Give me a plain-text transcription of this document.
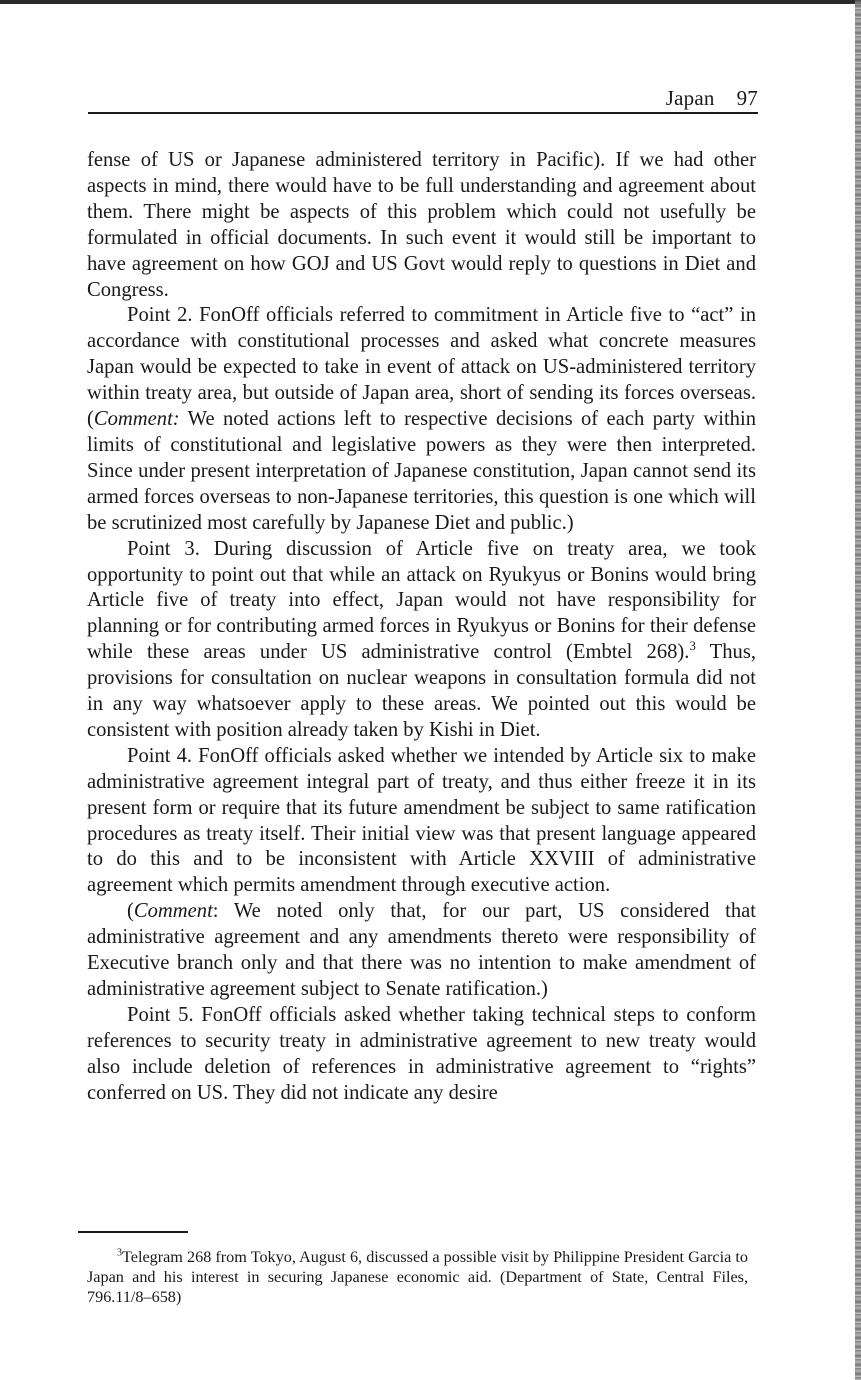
Japan 97

fense of US or Japanese administered territory in Pacific). If we had other aspects in mind, there would have to be full understanding and agreement about them. There might be aspects of this problem which could not usefully be formulated in official documents. In such event it would still be important to have agreement on how GOJ and US Govt would reply to questions in Diet and Congress.

Point 2. FonOff officials referred to commitment in Article five to “act” in accordance with constitutional processes and asked what concrete measures Japan would be expected to take in event of attack on US-administered territory within treaty area, but outside of Japan area, short of sending its forces overseas. (Comment: We noted actions left to respective decisions of each party within limits of constitutional and legislative powers as they were then interpreted. Since under present interpretation of Japanese constitution, Japan cannot send its armed forces overseas to non-Japanese territories, this question is one which will be scrutinized most carefully by Japanese Diet and public.)

Point 3. During discussion of Article five on treaty area, we took opportunity to point out that while an attack on Ryukyus or Bonins would bring Article five of treaty into effect, Japan would not have responsibility for planning or for contributing armed forces in Ryukyus or Bonins for their defense while these areas under US administrative control (Embtel 268).$^3$ Thus, provisions for consultation on nuclear weapons in consultation formula did not in any way whatsoever apply to these areas. We pointed out this would be consistent with position already taken by Kishi in Diet.

Point 4. FonOff officials asked whether we intended by Article six to make administrative agreement integral part of treaty, and thus either freeze it in its present form or require that its future amendment be subject to same ratification procedures as treaty itself. Their initial view was that present language appeared to do this and to be inconsistent with Article XXVIII of administrative agreement which permits amendment through executive action.

(Comment: We noted only that, for our part, US considered that administrative agreement and any amendments thereto were responsibility of Executive branch only and that there was no intention to make amendment of administrative agreement subject to Senate ratification.)

Point 5. FonOff officials asked whether taking technical steps to conform references to security treaty in administrative agreement to new treaty would also include deletion of references in administrative agreement to “rights” conferred on US. They did not indicate any desire

$^3$Telegram 268 from Tokyo, August 6, discussed a possible visit by Philippine President Garcia to Japan and his interest in securing Japanese economic aid. (Department of State, Central Files, 796.11/8–658)
